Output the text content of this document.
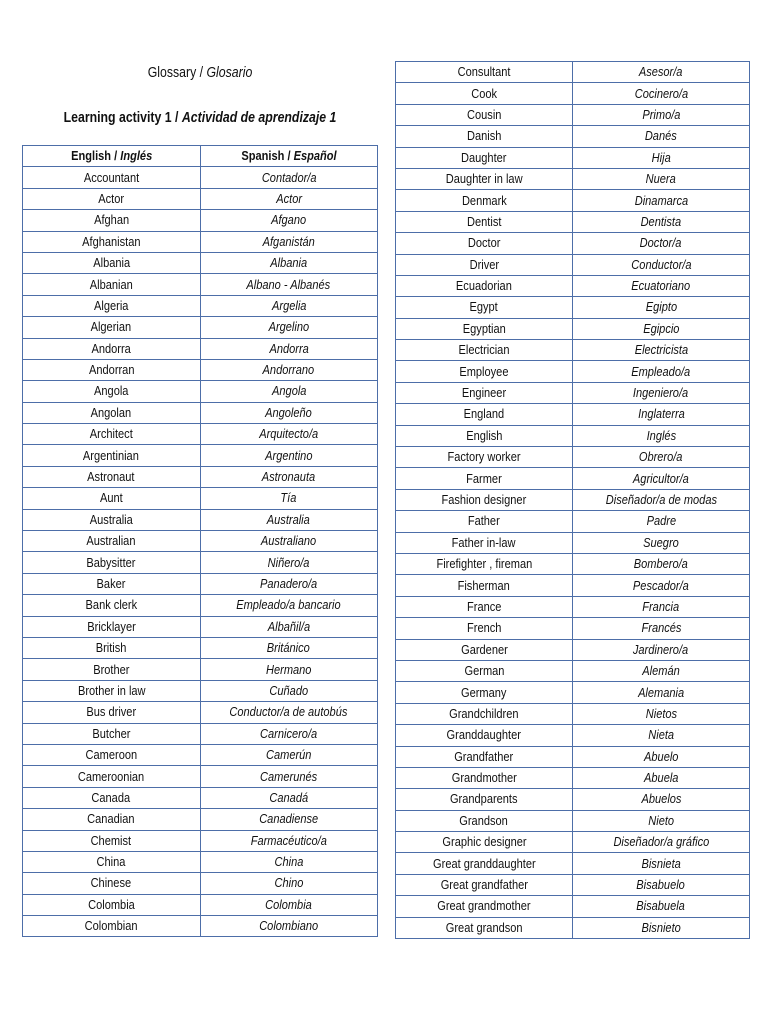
Glossary / Glosario
Learning activity 1 / Actividad de aprendizaje 1
English / Inglés	Spanish / Español
Accountant	Contador/a
Actor	Actor
Afghan	Afgano
Afghanistan	Afganistán
Albania	Albania
Albanian	Albano - Albanés
Algeria	Argelia
Algerian	Argelino
Andorra	Andorra
Andorran	Andorrano
Angola	Angola
Angolan	Angoleño
Architect	Arquitecto/a
Argentinian	Argentino
Astronaut	Astronauta
Aunt	Tía
Australia	Australia
Australian	Australiano
Babysitter	Niñero/a
Baker	Panadero/a
Bank clerk	Empleado/a bancario
Bricklayer	Albañil/a
British	Británico
Brother	Hermano
Brother in law	Cuñado
Bus driver	Conductor/a de autobús
Butcher	Carnicero/a
Cameroon	Camerún
Cameroonian	Camerunés
Canada	Canadá
Canadian	Canadiense
Chemist	Farmacéutico/a
China	China
Chinese	Chino
Colombia	Colombia
Colombian	Colombiano
Consultant	Asesor/a
Cook	Cocinero/a
Cousin	Primo/a
Danish	Danés
Daughter	Hija
Daughter in law	Nuera
Denmark	Dinamarca
Dentist	Dentista
Doctor	Doctor/a
Driver	Conductor/a
Ecuadorian	Ecuatoriano
Egypt	Egipto
Egyptian	Egipcio
Electrician	Electricista
Employee	Empleado/a
Engineer	Ingeniero/a
England	Inglaterra
English	Inglés
Factory worker	Obrero/a
Farmer	Agricultor/a
Fashion designer	Diseñador/a de modas
Father	Padre
Father in-law	Suegro
Firefighter , fireman	Bombero/a
Fisherman	Pescador/a
France	Francia
French	Francés
Gardener	Jardinero/a
German	Alemán
Germany	Alemania
Grandchildren	Nietos
Granddaughter	Nieta
Grandfather	Abuelo
Grandmother	Abuela
Grandparents	Abuelos
Grandson	Nieto
Graphic designer	Diseñador/a gráfico
Great granddaughter	Bisnieta
Great grandfather	Bisabuelo
Great grandmother	Bisabuela
Great grandson	Bisnieto
